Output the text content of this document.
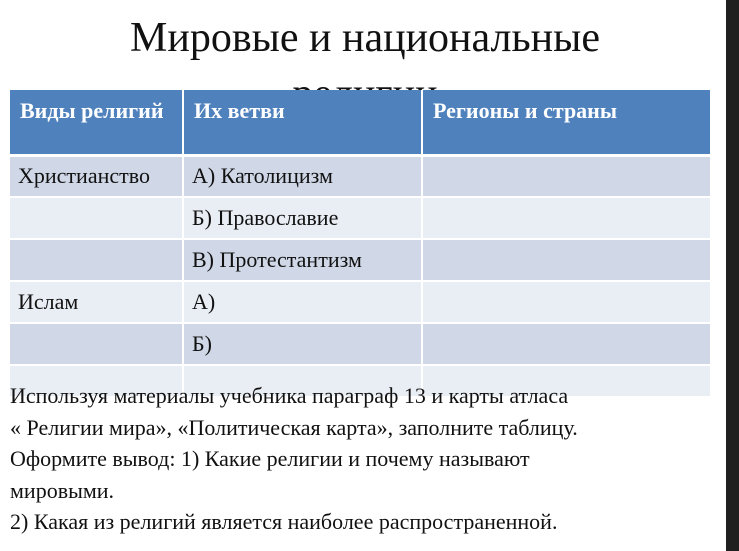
Мировые и национальные
Виды религий	Их ветви	Регионы и страны
Христианство	А) Католицизм	
	Б) Православие	
	В) Протестантизм	
Ислам	А)	
	Б)	

Используя материалы учебника параграф 13 и карты атласа

« Религии мира», «Политическая карта», заполните таблицу.

Оформите вывод: 1) Какие религии и почему называют

мировыми.

2) Какая из религий является наиболее распространенной.
